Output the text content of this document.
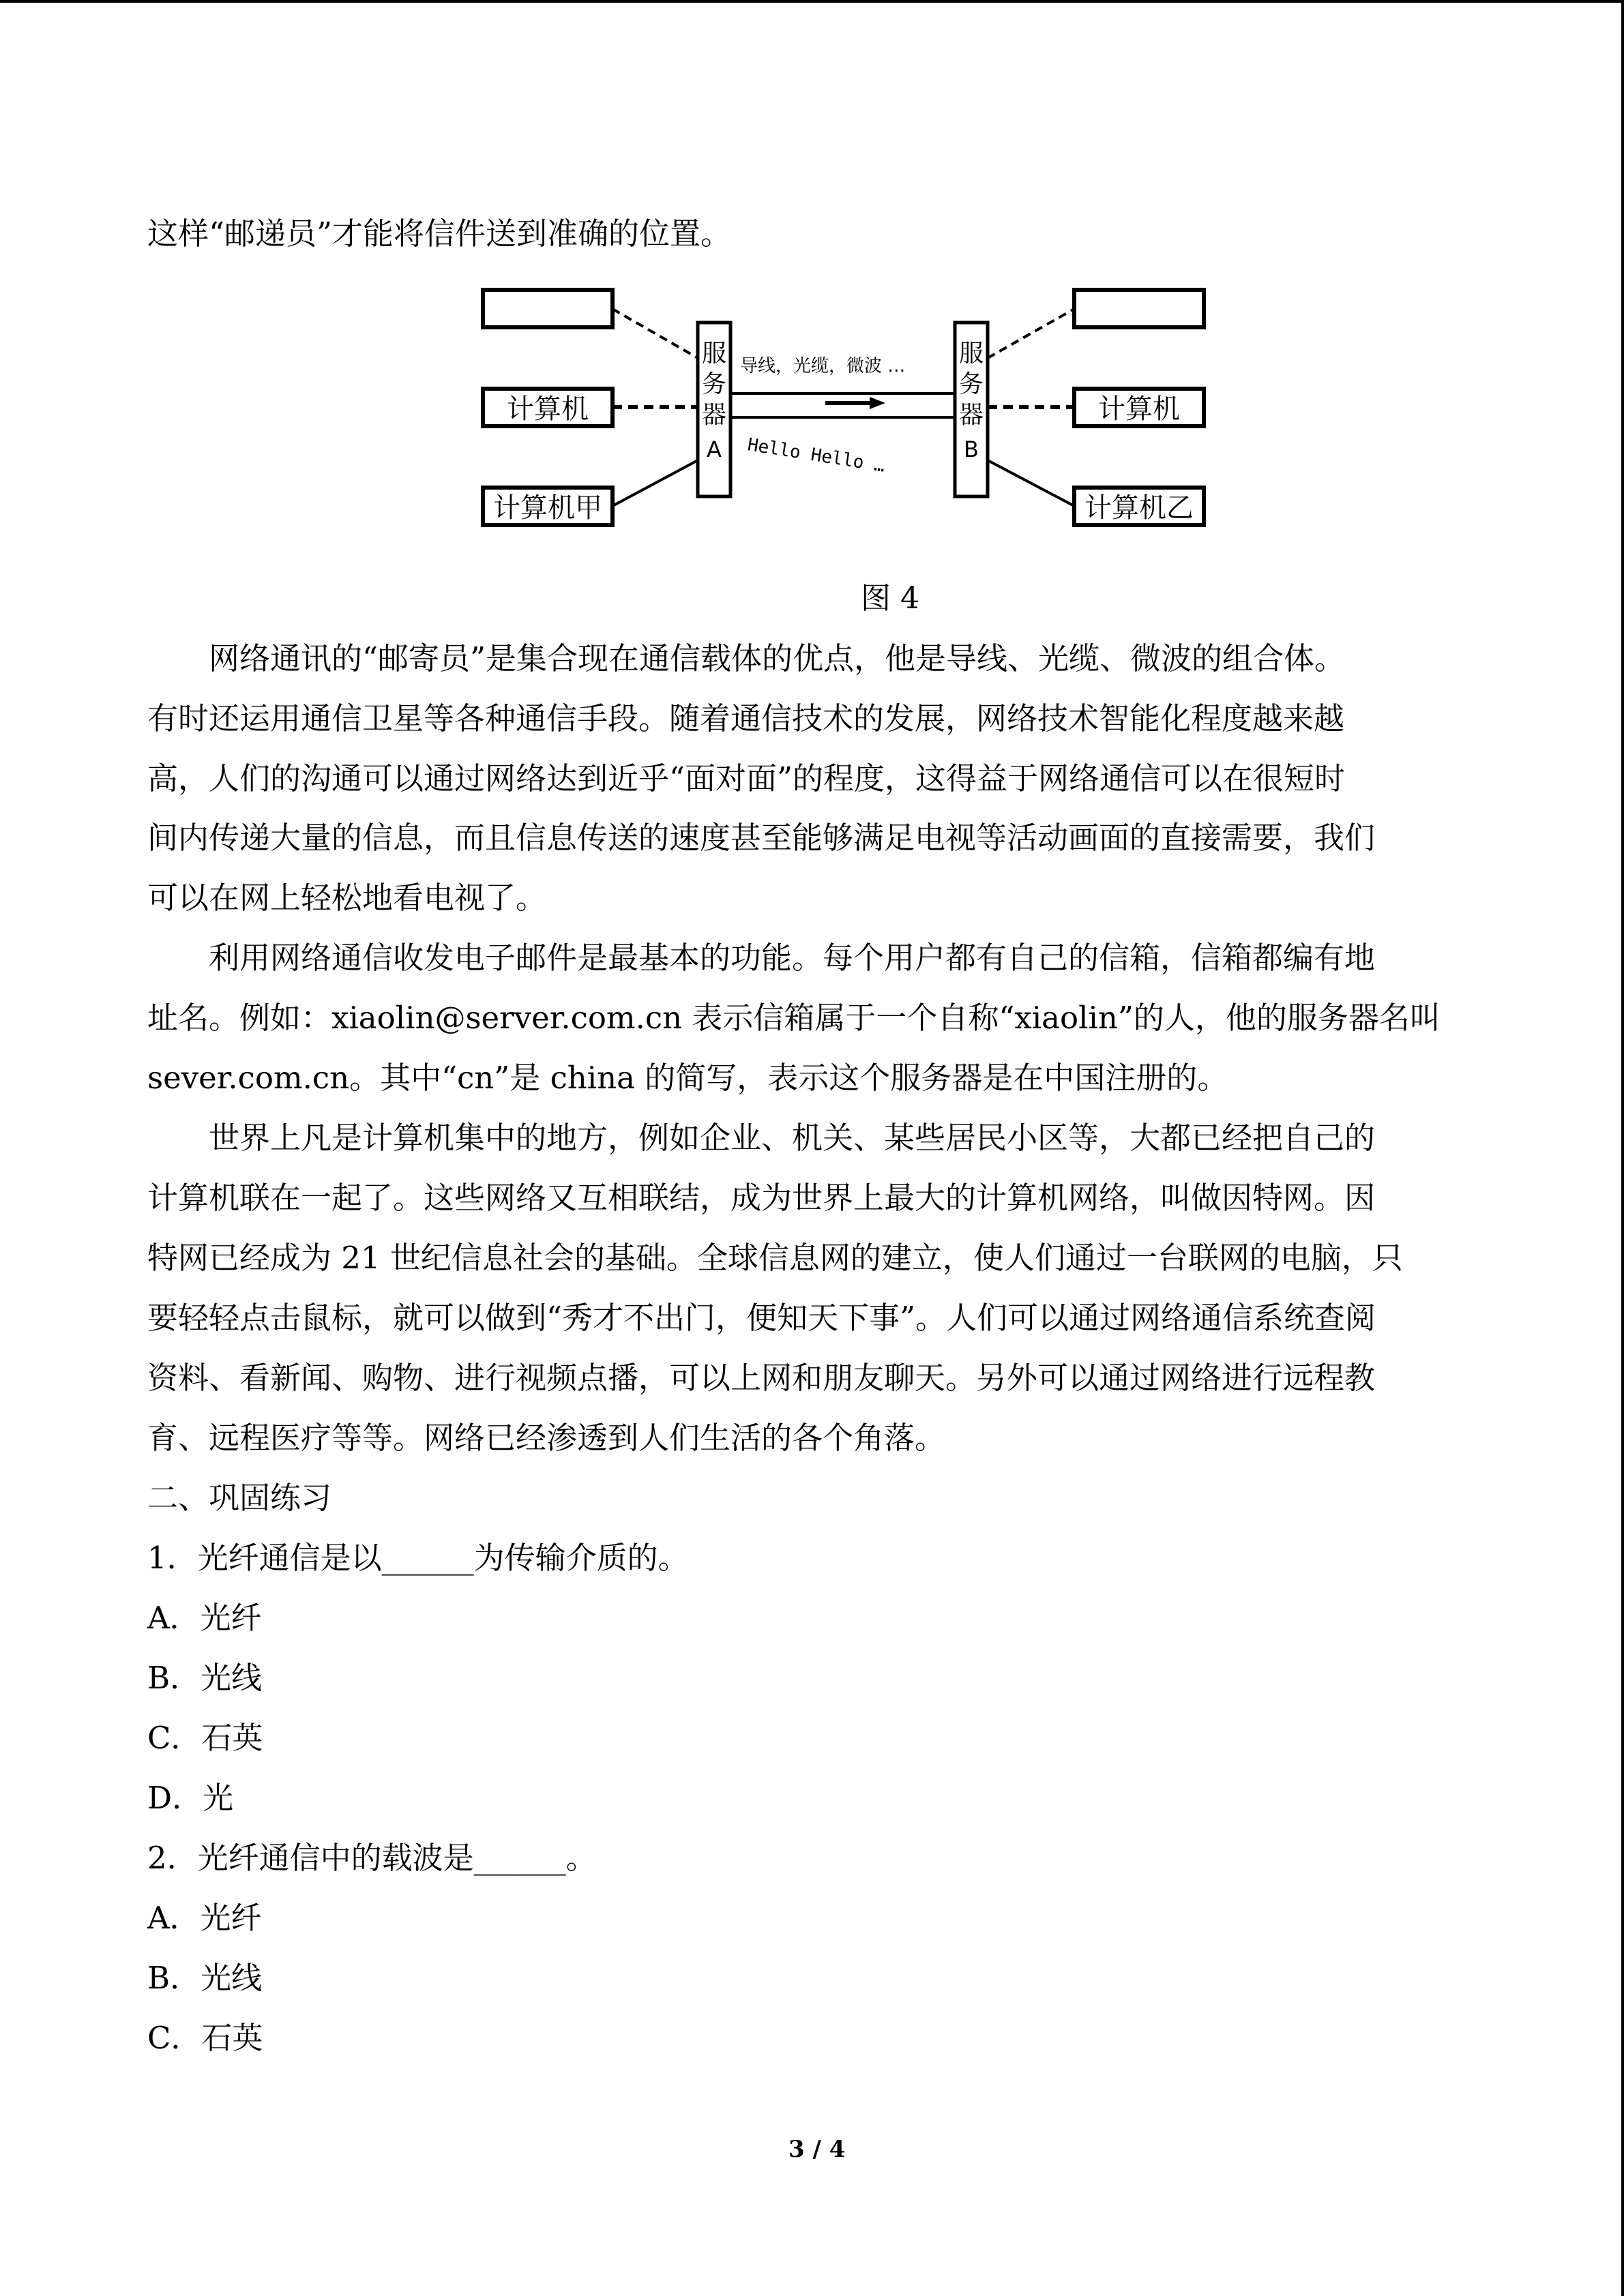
这样“邮递员”才能将信件送到准确的位置。
计算机
计算机甲
计算机
计算机乙
服
务
器
A
服
务
器
B
导线，光缆，微波 …
Hello Hello …
图 4
网络通讯的“邮寄员”是集合现在通信载体的优点，他是导线、光缆、微波的组合体。
有时还运用通信卫星等各种通信手段。随着通信技术的发展，网络技术智能化程度越来越
高，人们的沟通可以通过网络达到近乎“面对面”的程度，这得益于网络通信可以在很短时
间内传递大量的信息，而且信息传送的速度甚至能够满足电视等活动画面的直接需要，我们
可以在网上轻松地看电视了。
利用网络通信收发电子邮件是最基本的功能。每个用户都有自己的信箱，信箱都编有地
址名。例如：xiaolin@server.com.cn 表示信箱属于一个自称“xiaolin”的人，他的服务器名叫
sever.com.cn。其中“cn”是 china 的简写，表示这个服务器是在中国注册的。
世界上凡是计算机集中的地方，例如企业、机关、某些居民小区等，大都已经把自己的
计算机联在一起了。这些网络又互相联结，成为世界上最大的计算机网络，叫做因特网。因
特网已经成为 21 世纪信息社会的基础。全球信息网的建立，使人们通过一台联网的电脑，只
要轻轻点击鼠标，就可以做到“秀才不出门，便知天下事”。人们可以通过网络通信系统查阅
资料、看新闻、购物、进行视频点播，可以上网和朋友聊天。另外可以通过网络进行远程教
育、远程医疗等等。网络已经渗透到人们生活的各个角落。
二、巩固练习
1．光纤通信是以______为传输介质的。
A．光纤
B．光线
C．石英
D．光
2．光纤通信中的载波是______。
A．光纤
B．光线
C．石英
3 / 4
